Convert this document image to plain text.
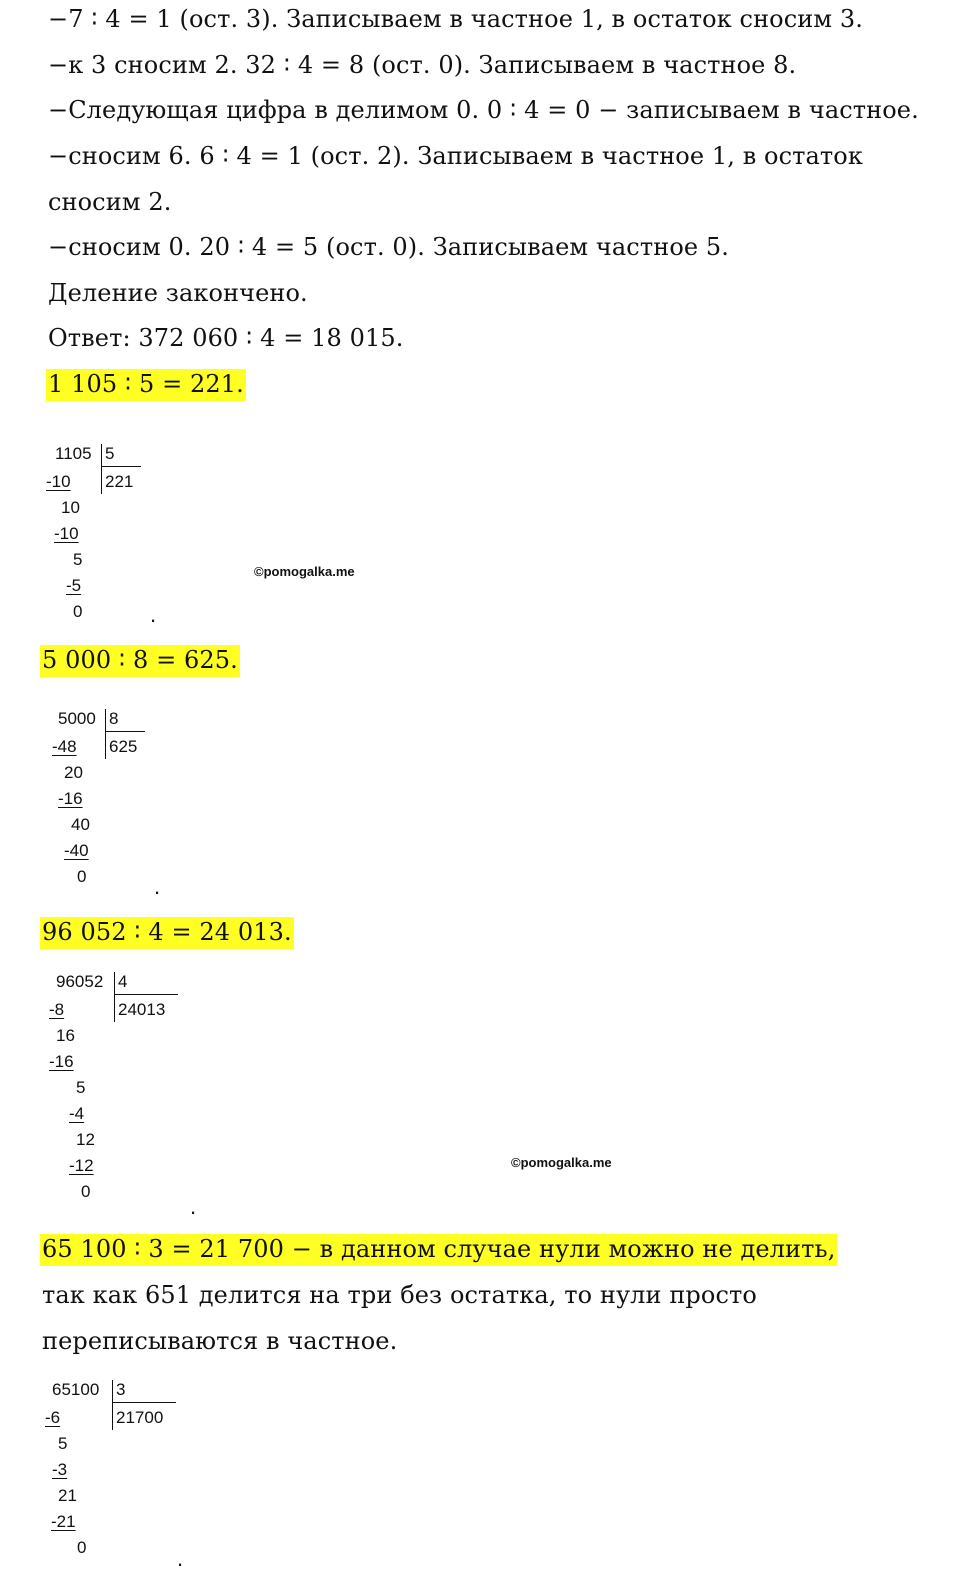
−7 ∶ 4 = 1 (ост. 3). Записываем в частное 1, в остаток сносим 3.
−к 3 сносим 2. 32 ∶ 4 = 8 (ост. 0). Записываем в частное 8.
−Следующая цифра в делимом 0. 0 ∶ 4 = 0 − записываем в частное.
−сносим 6. 6 ∶ 4 = 1 (ост. 2). Записываем в частное 1, в остаток
сносим 2.
−сносим 0. 20 ∶ 4 = 5 (ост. 0). Записываем частное 5.
Деление закончено.
Ответ: 372 060 ∶ 4 = 18 015.
1 105 ∶ 5 = 221.
1105 5
221
-10
10
-10
5
-5
0
©pomogalka.me
.
5 000 ∶ 8 = 625.
5000 8
625
-48
20
-16
40
-40
0	.
96 052 ∶ 4 = 24 013.
96052 4
24013
-8
16
-16
5
-4
12
-12
0
©pomogalka.me
.
65 100 ∶ 3 = 21 700 − в данном случае нули можно не делить,
так как 651 делится на три без остатка, то нули просто
переписываются в частное.
65100 3
21700
-6
5
-3
21
-21
0	.
